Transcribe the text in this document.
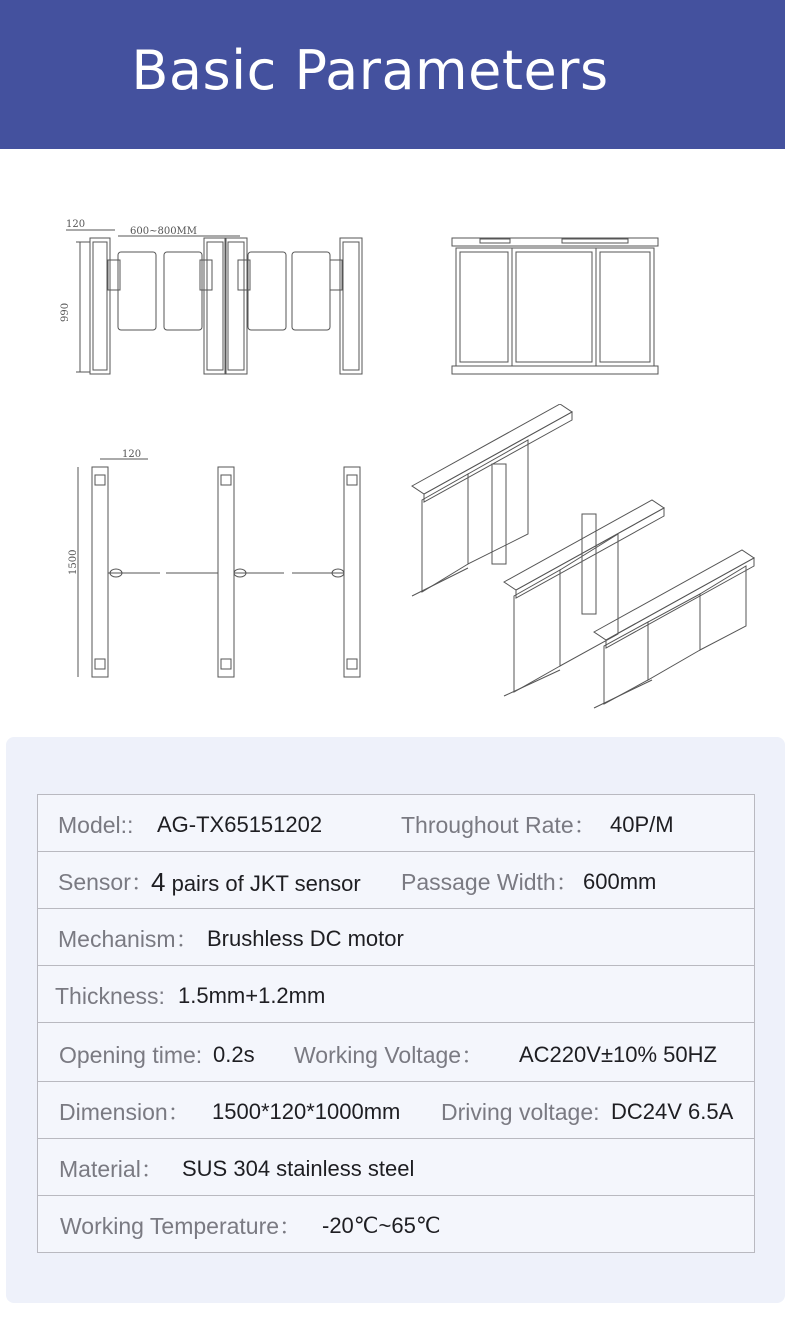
Basic Parameters
120
600~800MM
990
120
1500
Model:: AG-TX65151202	Throughout Rate： 40P/M
Sensor：
4 pairs of JKT sensor Passage Width： 600mm
Mechanism： Brushless DC motor
Thickness: 1.5mm+1.2mm
Opening time: 0.2s Working Voltage： AC220V±10% 50HZ
Dimension： 1500*120*1000mm Driving voltage: DC24V 6.5A
Material： SUS 304 stainless steel
Working Temperature： -20℃~65℃
